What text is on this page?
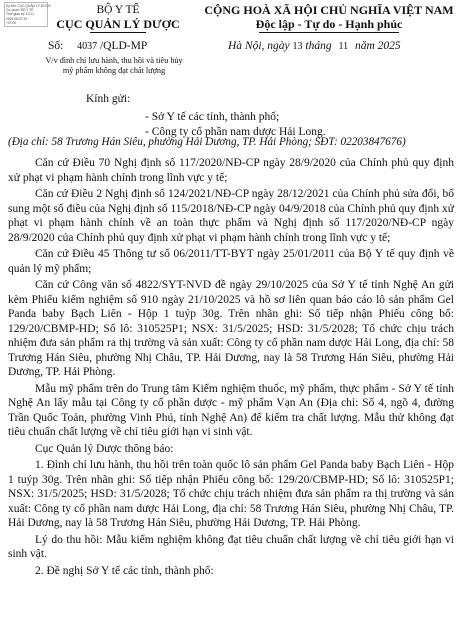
Ký bởi: CỤC QUẢN LÝ DƯỢC
Cơ quan: BỘ Y TẾ
Thời gian ký: 13.11.
2025 08:37:33
+07:00
BỘ Y TẾ
CỤC QUẢN LÝ DƯỢC
CỘNG HOÀ XÃ HỘI CHỦ NGHĨA VIỆT NAM
Độc lập - Tự do - Hạnh phúc
Số: 4037 /QLD-MP	Hà Nội, ngày 13 tháng 11 năm 2025
V/v đình chỉ lưu hành, thu hồi và tiêu hủy mỹ phẩm không đạt chất lượng
Kính gửi:
- Sở Y tế các tỉnh, thành phố;
- Công ty cổ phần nam dược Hải Long.
(Địa chỉ: 58 Trương Hán Siêu, phường Hải Dương, TP. Hải Phòng; SĐT: 02203847676)

Căn cứ Điều 70 Nghị định số 117/2020/NĐ-CP ngày 28/9/2020 của Chính phủ quy định xử phạt vi phạm hành chính trong lĩnh vực y tế;

Căn cứ Điều 2 Nghị định số 124/2021/NĐ-CP ngày 28/12/2021 của Chính phủ sửa đổi, bổ sung một số điều của Nghị định số 115/2018/NĐ-CP ngày 04/9/2018 của Chính phủ quy định xử phạt vi phạm hành chính về an toàn thực phẩm và Nghị định số 117/2020/NĐ-CP ngày 28/9/2020 của Chính phủ quy định xử phạt vi phạm hành chính trong lĩnh vực y tế;

Căn cứ Điều 45 Thông tư số 06/2011/TT-BYT ngày 25/01/2011 của Bộ Y tế quy định về quản lý mỹ phẩm;

Căn cứ Công văn số 4822/SYT-NVD đề ngày 29/10/2025 của Sở Y tế tỉnh Nghệ An gửi kèm Phiếu kiểm nghiệm số 910 ngày 21/10/2025 và hồ sơ liên quan báo cáo lô sản phẩm Gel Panda baby Bạch Liên - Hộp 1 tuýp 30g. Trên nhãn ghi: Số tiếp nhận Phiếu công bố: 129/20/CBMP-HD; Số lô: 310525P1; NSX: 31/5/2025; HSD: 31/5/2028; Tổ chức chịu trách nhiệm đưa sản phẩm ra thị trường và sản xuất: Công ty cổ phần nam dược Hải Long, địa chỉ: 58 Trương Hán Siêu, phường Nhị Châu, TP. Hải Dương, nay là 58 Trương Hán Siêu, phường Hải Dương, TP. Hải Phòng.

Mẫu mỹ phẩm trên do Trung tâm Kiểm nghiệm thuốc, mỹ phẩm, thực phẩm - Sở Y tế tỉnh Nghệ An lấy mẫu tại Công ty cổ phần dược - mỹ phẩm Vạn An (Địa chỉ: Số 4, ngõ 4, đường Trần Quốc Toản, phường Vinh Phú, tỉnh Nghệ An) để kiểm tra chất lượng. Mẫu thử không đạt tiêu chuẩn chất lượng về chỉ tiêu giới hạn vi sinh vật.

Cục Quản lý Dược thông báo:

1. Đình chỉ lưu hành, thu hồi trên toàn quốc lô sản phẩm Gel Panda baby Bạch Liên - Hộp 1 tuýp 30g. Trên nhãn ghi: Số tiếp nhận Phiếu công bố: 129/20/CBMP-HD; Số lô: 310525P1; NSX: 31/5/2025; HSD: 31/5/2028; Tổ chức chịu trách nhiệm đưa sản phẩm ra thị trường và sản xuất: Công ty cổ phần nam dược Hải Long, địa chỉ: 58 Trương Hán Siêu, phường Nhị Châu, TP. Hải Dương, nay là 58 Trương Hán Siêu, phường Hải Dương, TP. Hải Phòng.

Lý do thu hồi: Mẫu kiểm nghiệm không đạt tiêu chuẩn chất lượng về chỉ tiêu giới hạn vi sinh vật.

2. Đề nghị Sở Y tế các tỉnh, thành phố:
